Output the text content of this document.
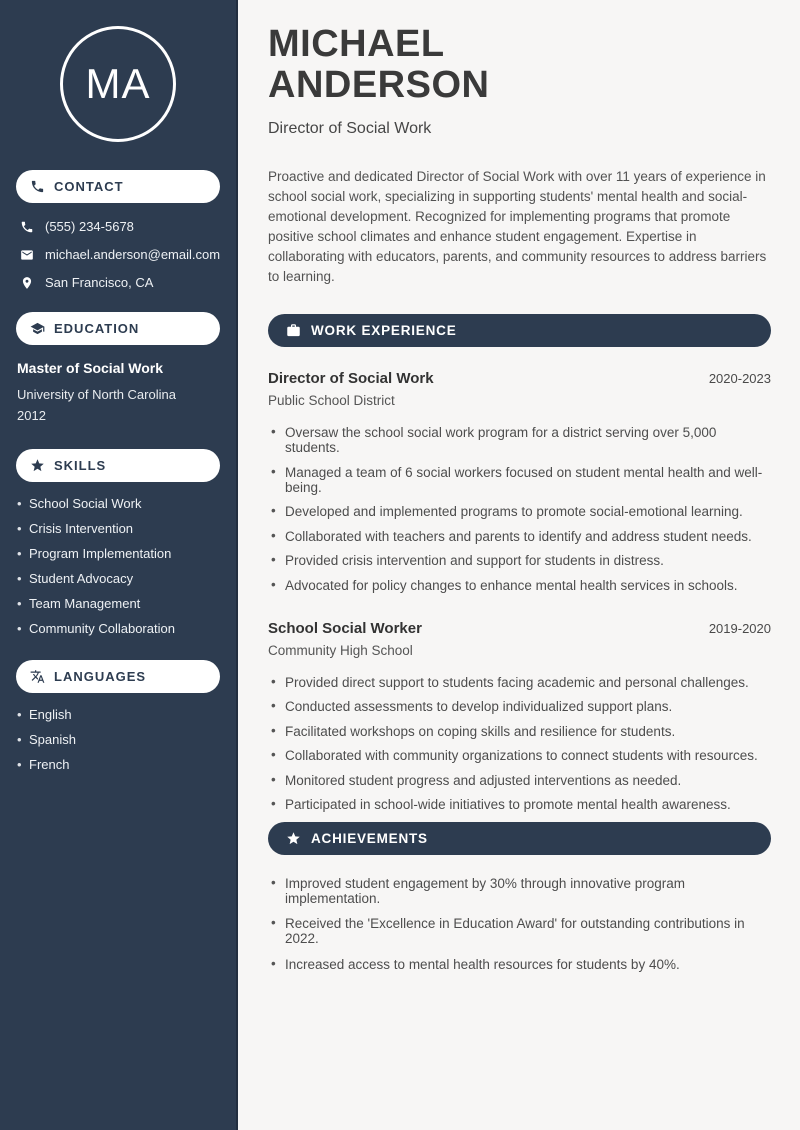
MA
CONTACT
(555) 234-5678
michael.anderson@email.com
San Francisco, CA
EDUCATION
Master of Social Work
University of North Carolina
2012
SKILLS
• School Social Work
• Crisis Intervention
• Program Implementation
• Student Advocacy
• Team Management
• Community Collaboration
LANGUAGES
• English
• Spanish
• French
MICHAEL
ANDERSON
Director of Social Work

Proactive and dedicated Director of Social Work with over 11 years of experience in school social work, specializing in supporting students' mental health and social-emotional development. Recognized for implementing programs that promote positive school climates and enhance student engagement. Expertise in collaborating with educators, parents, and community resources to address barriers to learning.

WORK EXPERIENCE
Director of Social Work	2020-2023
Public School District
• Oversaw the school social work program for a district serving over 5,000 students.
• Managed a team of 6 social workers focused on student mental health and well-being.
• Developed and implemented programs to promote social-emotional learning.
• Collaborated with teachers and parents to identify and address student needs.
• Provided crisis intervention and support for students in distress.
• Advocated for policy changes to enhance mental health services in schools.
School Social Worker	2019-2020
Community High School
• Provided direct support to students facing academic and personal challenges.
• Conducted assessments to develop individualized support plans.
• Facilitated workshops on coping skills and resilience for students.
• Collaborated with community organizations to connect students with resources.
• Monitored student progress and adjusted interventions as needed.
• Participated in school-wide initiatives to promote mental health awareness.
ACHIEVEMENTS
• Improved student engagement by 30% through innovative program implementation.
• Received the 'Excellence in Education Award' for outstanding contributions in 2022.
• Increased access to mental health resources for students by 40%.
